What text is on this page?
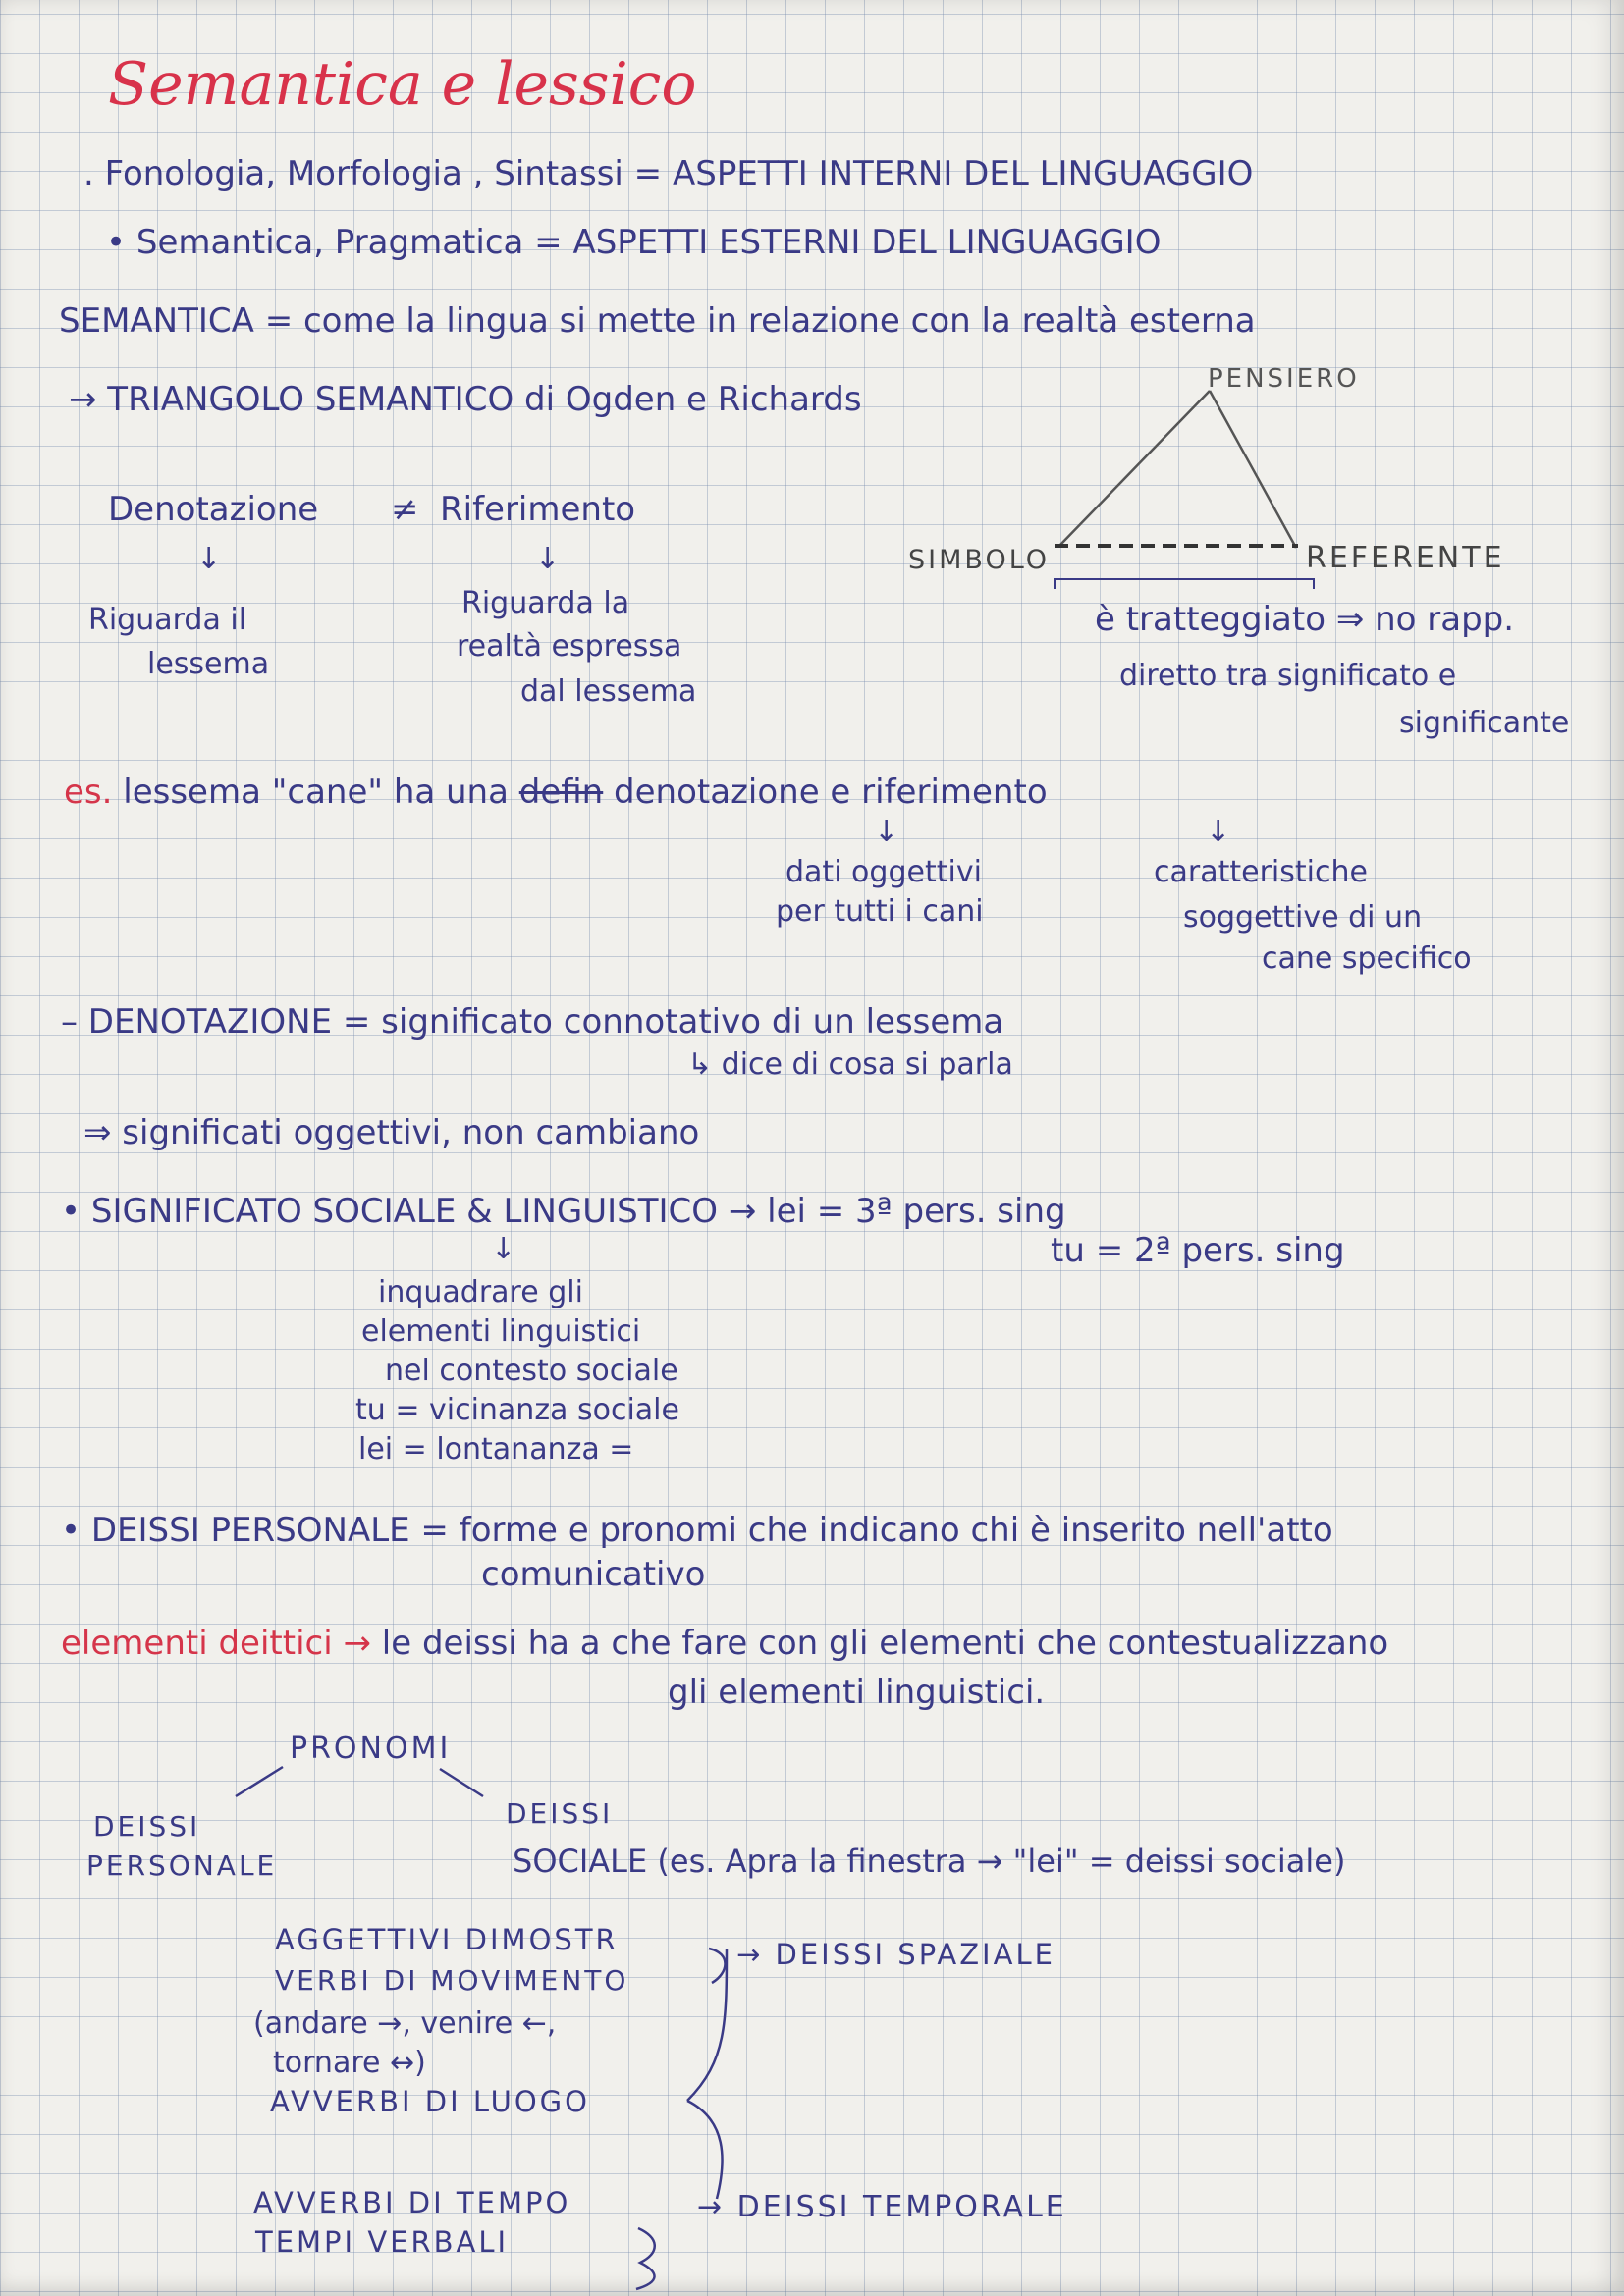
Semantica e lessico
. Fonologia, Morfologia , Sintassi = ASPETTI INTERNI DEL LINGUAGGIO
• Semantica, Pragmatica = ASPETTI ESTERNI DEL LINGUAGGIO
SEMANTICA = come la lingua si mette in relazione con la realtà esterna
→ TRIANGOLO SEMANTICO di Ogden e Richards
PENSIERO
SIMBOLO	REFERENTE
è tratteggiato ⇒ no rapp.
diretto tra significato e
significante
Denotazione ≠ Riferimento
↓	↓
Riguarda il
lessema
Riguarda la
realtà espressa
dal lessema
es. lessema "cane" ha una defin denotazione e riferimento
↓	↓
dati oggettivi
per tutti i cani
caratteristiche
soggettive di un
cane specifico
– DENOTAZIONE = significato connotativo di un lessema
↳ dice di cosa si parla
⇒ significati oggettivi, non cambiano
• SIGNIFICATO SOCIALE & LINGUISTICO → lei = 3ª pers. sing
tu = 2ª pers. sing
↓
inquadrare gli
elementi linguistici
nel contesto sociale
tu = vicinanza sociale
lei = lontananza =
• DEISSI PERSONALE = forme e pronomi che indicano chi è inserito nell'atto
comunicativo
elementi deittici → le deissi ha a che fare con gli elementi che contestualizzano
gli elementi linguistici.
PRONOMI
DEISSI
PERSONALE
DEISSI
SOCIALE (es. Apra la finestra → "lei" = deissi sociale)
AGGETTIVI DIMOSTR
VERBI DI MOVIMENTO
(andare →, venire ←,
tornare ↔)
AVVERBI DI LUOGO
→ DEISSI SPAZIALE
AVVERBI DI TEMPO
TEMPI VERBALI
→ DEISSI TEMPORALE
